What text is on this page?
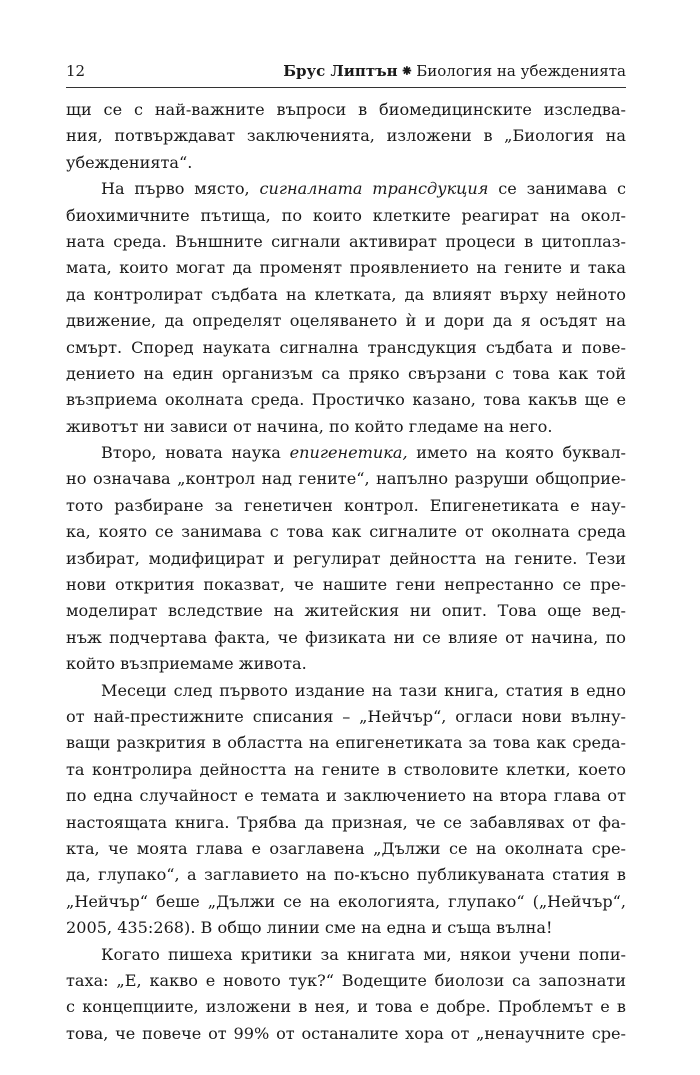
12	Брус Липтън ⁕ Биология на убежденията
щи се с най-важните въпроси в биомедицинските изследва-
ния, потвърждават заключенията, изложени в „Биология на
убежденията“.
На първо място, сигналната трансдукция се занимава с
биохимичните пътища, по които клетките реагират на окол-
ната среда. Външните сигнали активират процеси в цитоплаз-
мата, които могат да променят проявлението на гените и така
да контролират съдбата на клетката, да влияят върху нейното
движение, да определят оцеляването ѝ и дори да я осъдят на
смърт. Според науката сигнална трансдукция съдбата и пове-
дението на един организъм са пряко свързани с това как той
възприема околната среда. Простичко казано, това какъв ще е
животът ни зависи от начина, по който гледаме на него.
Второ, новата наука епигенетика, името на която буквал-
но означава „контрол над гените“, напълно разруши общоприе-
тото разбиране за генетичен контрол. Епигенетиката е нау-
ка, която се занимава с това как сигналите от околната среда
избират, модифицират и регулират дейността на гените. Тези
нови открития показват, че нашите гени непрестанно се пре-
моделират вследствие на житейския ни опит. Това още вед-
нъж подчертава факта, че физиката ни се влияе от начина, по
който възприемаме живота.
Месеци след първото издание на тази книга, статия в едно
от най-престижните списания – „Нейчър“, огласи нови вълну-
ващи разкрития в областта на епигенетиката за това как среда-
та контролира дейността на гените в стволовите клетки, което
по една случайност е темата и заключението на втора глава от
настоящата книга. Трябва да призная, че се забавлявах от фа-
кта, че моята глава е озаглавена „Дължи се на околната сре-
да, глупако“, а заглавието на по-късно публикуваната статия в
„Нейчър“ беше „Дължи се на екологията, глупако“ („Нейчър“,
2005, 435:268). В общо линии сме на една и съща вълна!
Когато пишеха критики за книгата ми, някои учени попи-
таха: „Е, какво е новото тук?“ Водещите биолози са запознати
с концепциите, изложени в нея, и това е добре. Проблемът е в
това, че повече от 99% от останалите хора от „ненаучните сре-
